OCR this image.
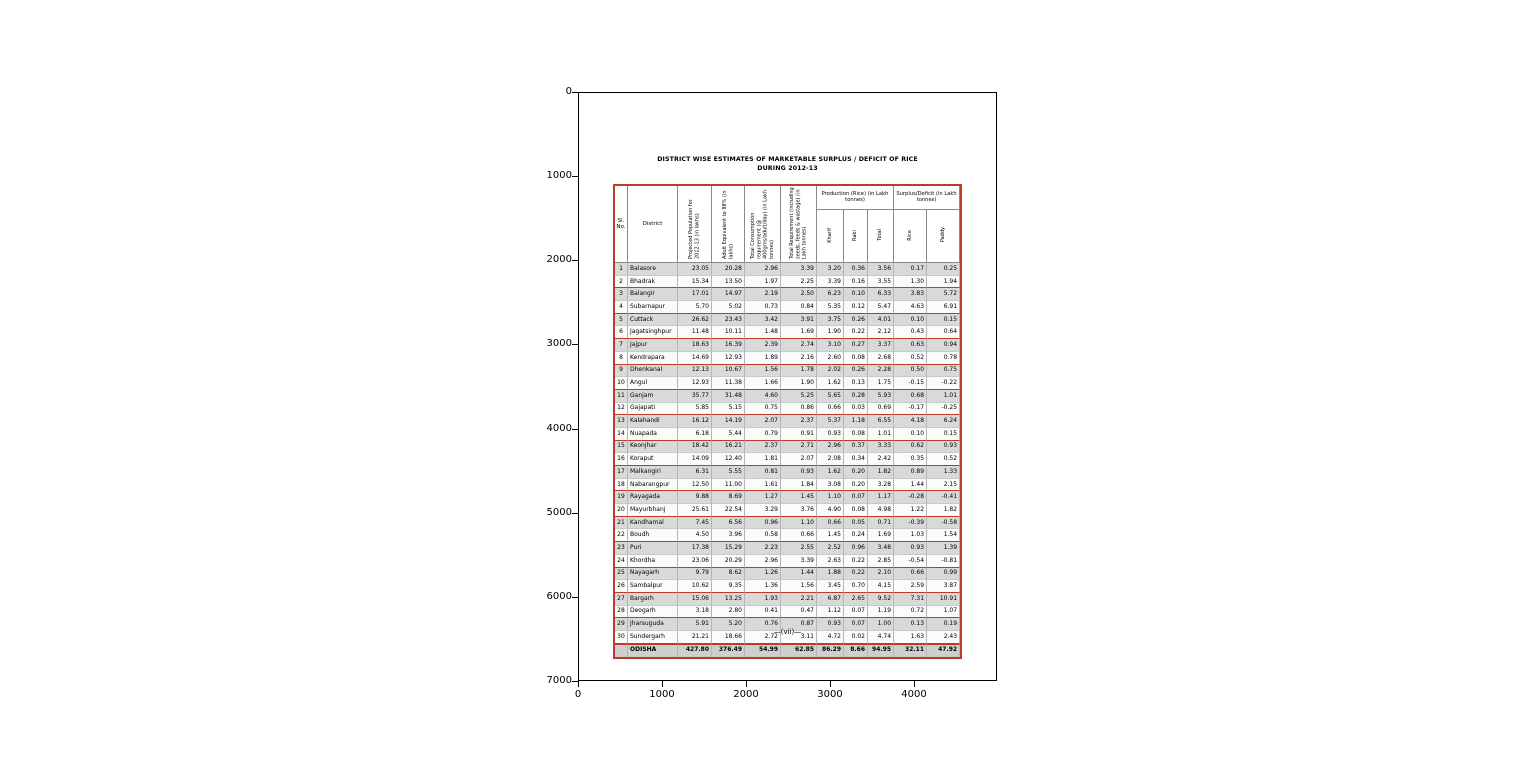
0
1000
2000
3000
4000
5000
6000
7000
0	1000	2000	3000	4000
DISTRICT WISE ESTIMATES OF MARKETABLE SURPLUS / DEFICIT OF RICE
DURING 2012-13
Sl. No.	District	Projected Population for 2012-13 (in lakhs)	Adult Equivalent to 88% (in lakhs)	Total Consumption requirement (@ 400gms/adult/day) (in Lakh tonnes)	Total Requirement (including seeds, feeds & wastage) (in Lakh tonnes)	Production (Rice) (in Lakh tonnes)			Surplus/Deficit (in Lakh tonnes)	
						Kharif	Rabi	Total	Rice	Paddy
1	Balasore	23.05	20.28	2.96	3.39	3.20	0.36	3.56	0.17	0.25
2	Bhadrak	15.34	13.50	1.97	2.25	3.39	0.16	3.55	1.30	1.94
3	Balangir	17.01	14.97	2.19	2.50	6.23	0.10	6.33	3.83	5.72
4	Subarnapur	5.70	5.02	0.73	0.84	5.35	0.12	5.47	4.63	6.91
5	Cuttack	26.62	23.43	3.42	3.91	3.75	0.26	4.01	0.10	0.15
6	Jagatsinghpur	11.48	10.11	1.48	1.69	1.90	0.22	2.12	0.43	0.64
7	Jajpur	18.63	16.39	2.39	2.74	3.10	0.27	3.37	0.63	0.94
8	Kendrapara	14.69	12.93	1.89	2.16	2.60	0.08	2.68	0.52	0.78
9	Dhenkanal	12.13	10.67	1.56	1.78	2.02	0.26	2.28	0.50	0.75
10	Angul	12.93	11.38	1.66	1.90	1.62	0.13	1.75	-0.15	-0.22
11	Ganjam	35.77	31.48	4.60	5.25	5.65	0.28	5.93	0.68	1.01
12	Gajapati	5.85	5.15	0.75	0.86	0.66	0.03	0.69	-0.17	-0.25
13	Kalahandi	16.12	14.19	2.07	2.37	5.37	1.18	6.55	4.18	6.24
14	Nuapada	6.18	5.44	0.79	0.91	0.93	0.08	1.01	0.10	0.15
15	Keonjhar	18.42	16.21	2.37	2.71	2.96	0.37	3.33	0.62	0.93
16	Koraput	14.09	12.40	1.81	2.07	2.08	0.34	2.42	0.35	0.52
17	Malkangiri	6.31	5.55	0.81	0.93	1.62	0.20	1.82	0.89	1.33
18	Nabarangpur	12.50	11.00	1.61	1.84	3.08	0.20	3.28	1.44	2.15
19	Rayagada	9.88	8.69	1.27	1.45	1.10	0.07	1.17	-0.28	-0.41
20	Mayurbhanj	25.61	22.54	3.29	3.76	4.90	0.08	4.98	1.22	1.82
21	Kandhamal	7.45	6.56	0.96	1.10	0.66	0.05	0.71	-0.39	-0.58
22	Boudh	4.50	3.96	0.58	0.66	1.45	0.24	1.69	1.03	1.54
23	Puri	17.38	15.29	2.23	2.55	2.52	0.96	3.48	0.93	1.39
24	Khordha	23.06	20.29	2.96	3.39	2.63	0.22	2.85	-0.54	-0.81
25	Nayagarh	9.79	8.62	1.26	1.44	1.88	0.22	2.10	0.66	0.99
26	Sambalpur	10.62	9.35	1.36	1.56	3.45	0.70	4.15	2.59	3.87
27	Bargarh	15.06	13.25	1.93	2.21	6.87	2.65	9.52	7.31	10.91
28	Deogarh	3.18	2.80	0.41	0.47	1.12	0.07	1.19	0.72	1.07
29	Jharsuguda	5.91	5.20	0.76	0.87	0.93	0.07	1.00	0.13	0.19
30	Sundergarh	21.21	18.66	2.72	3.11	4.72	0.02	4.74	1.63	2.43
	ODISHA	427.80	376.49	54.99	62.85	86.29	8.66	94.95	32.11	47.92
—(vii)—
